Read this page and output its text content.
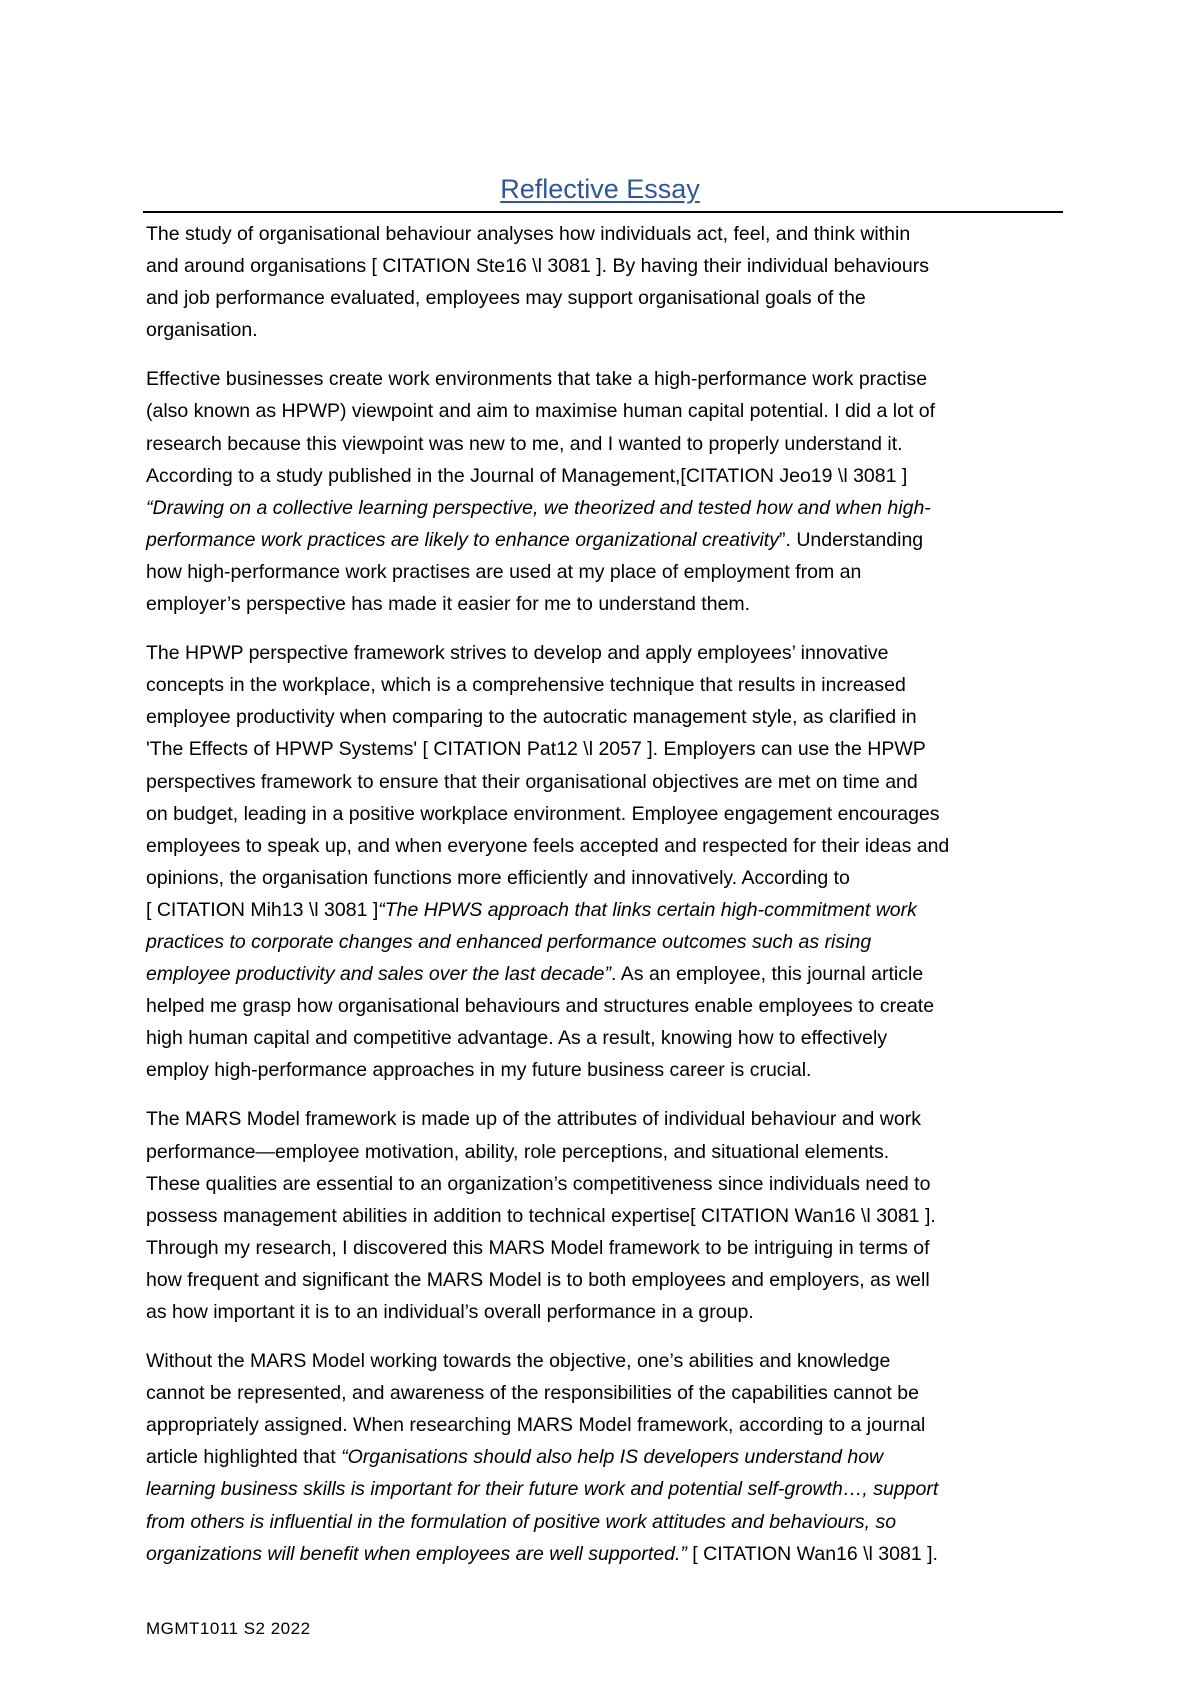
Reflective Essay

The study of organisational behaviour analyses how individuals act, feel, and think within
and around organisations [ CITATION Ste16 \l 3081 ]. By having their individual behaviours
and job performance evaluated, employees may support organisational goals of the
organisation.

Effective businesses create work environments that take a high-performance work practise
(also known as HPWP) viewpoint and aim to maximise human capital potential. I did a lot of
research because this viewpoint was new to me, and I wanted to properly understand it.
According to a study published in the Journal of Management,[CITATION Jeo19 \l 3081 ]
“Drawing on a collective learning perspective, we theorized and tested how and when high-
performance work practices are likely to enhance organizational creativity”. Understanding
how high-performance work practises are used at my place of employment from an
employer’s perspective has made it easier for me to understand them.

The HPWP perspective framework strives to develop and apply employees’ innovative
concepts in the workplace, which is a comprehensive technique that results in increased
employee productivity when comparing to the autocratic management style, as clarified in
'The Effects of HPWP Systems' [ CITATION Pat12 \l 2057 ]. Employers can use the HPWP
perspectives framework to ensure that their organisational objectives are met on time and
on budget, leading in a positive workplace environment. Employee engagement encourages
employees to speak up, and when everyone feels accepted and respected for their ideas and
opinions, the organisation functions more efficiently and innovatively. According to
[ CITATION Mih13 \l 3081 ]“The HPWS approach that links certain high-commitment work
practices to corporate changes and enhanced performance outcomes such as rising
employee productivity and sales over the last decade”. As an employee, this journal article
helped me grasp how organisational behaviours and structures enable employees to create
high human capital and competitive advantage. As a result, knowing how to effectively
employ high-performance approaches in my future business career is crucial.

The MARS Model framework is made up of the attributes of individual behaviour and work
performance—employee motivation, ability, role perceptions, and situational elements.
These qualities are essential to an organization’s competitiveness since individuals need to
possess management abilities in addition to technical expertise[ CITATION Wan16 \l 3081 ].
Through my research, I discovered this MARS Model framework to be intriguing in terms of
how frequent and significant the MARS Model is to both employees and employers, as well
as how important it is to an individual’s overall performance in a group.

Without the MARS Model working towards the objective, one’s abilities and knowledge
cannot be represented, and awareness of the responsibilities of the capabilities cannot be
appropriately assigned. When researching MARS Model framework, according to a journal
article highlighted that “Organisations should also help IS developers understand how
learning business skills is important for their future work and potential self-growth…, support
from others is influential in the formulation of positive work attitudes and behaviours, so
organizations will benefit when employees are well supported.” [ CITATION Wan16 \l 3081 ].

MGMT1011 S2 2022
